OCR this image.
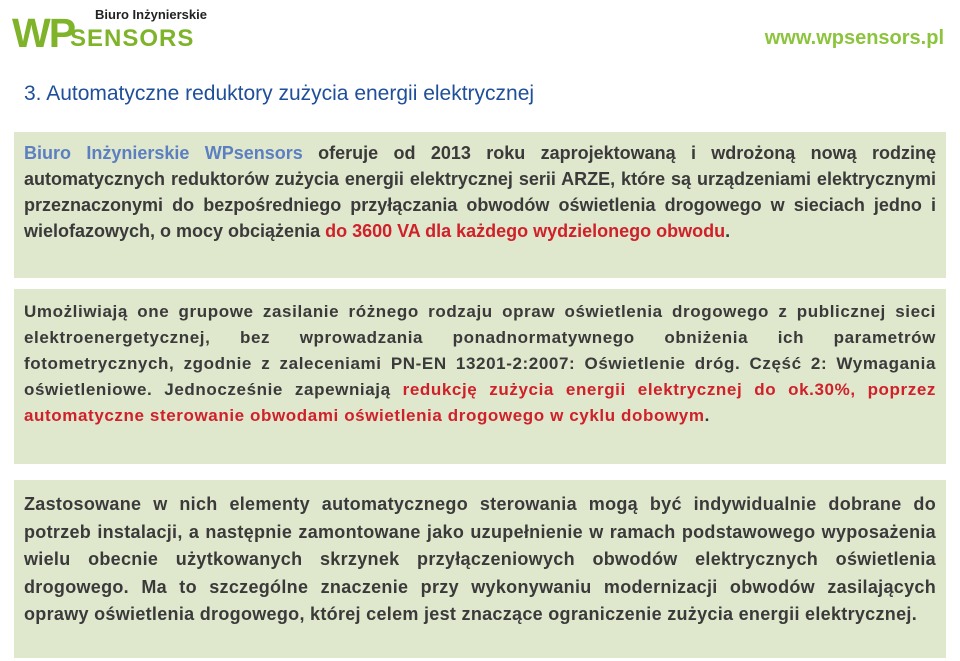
Biuro Inżynierskie
WP
SENSORS	www.wpsensors.pl
3. Automatyczne reduktory zużycia energii elektrycznej

Biuro Inżynierskie WPsensors oferuje od 2013 roku zaprojektowaną i wdrożoną nową rodzinę automatycznych reduktorów zużycia energii elektrycznej serii ARZE, które są urządzeniami elektrycznymi przeznaczonymi do bezpośredniego przyłączania obwodów oświetlenia drogowego w sieciach jedno i wielofazowych, o mocy obciążenia do 3600 VA dla każdego wydzielonego obwodu.

Umożliwiają one grupowe zasilanie różnego rodzaju opraw oświetlenia drogowego z publicznej sieci elektroenergetycznej, bez wprowadzania ponadnormatywnego obniżenia ich parametrów fotometrycznych, zgodnie z zaleceniami PN-EN 13201-2:2007: Oświetlenie dróg. Część 2: Wymagania oświetleniowe. Jednocześnie zapewniają redukcję zużycia energii elektrycznej do ok.30%, poprzez automatyczne sterowanie obwodami oświetlenia drogowego w cyklu dobowym.

Zastosowane w nich elementy automatycznego sterowania mogą być indywidualnie dobrane do potrzeb instalacji, a następnie zamontowane jako uzupełnienie w ramach podstawowego wyposażenia wielu obecnie użytkowanych skrzynek przyłączeniowych obwodów elektrycznych oświetlenia drogowego. Ma to szczególne znaczenie przy wykonywaniu modernizacji obwodów zasilających oprawy oświetlenia drogowego, której celem jest znaczące ograniczenie zużycia energii elektrycznej.
